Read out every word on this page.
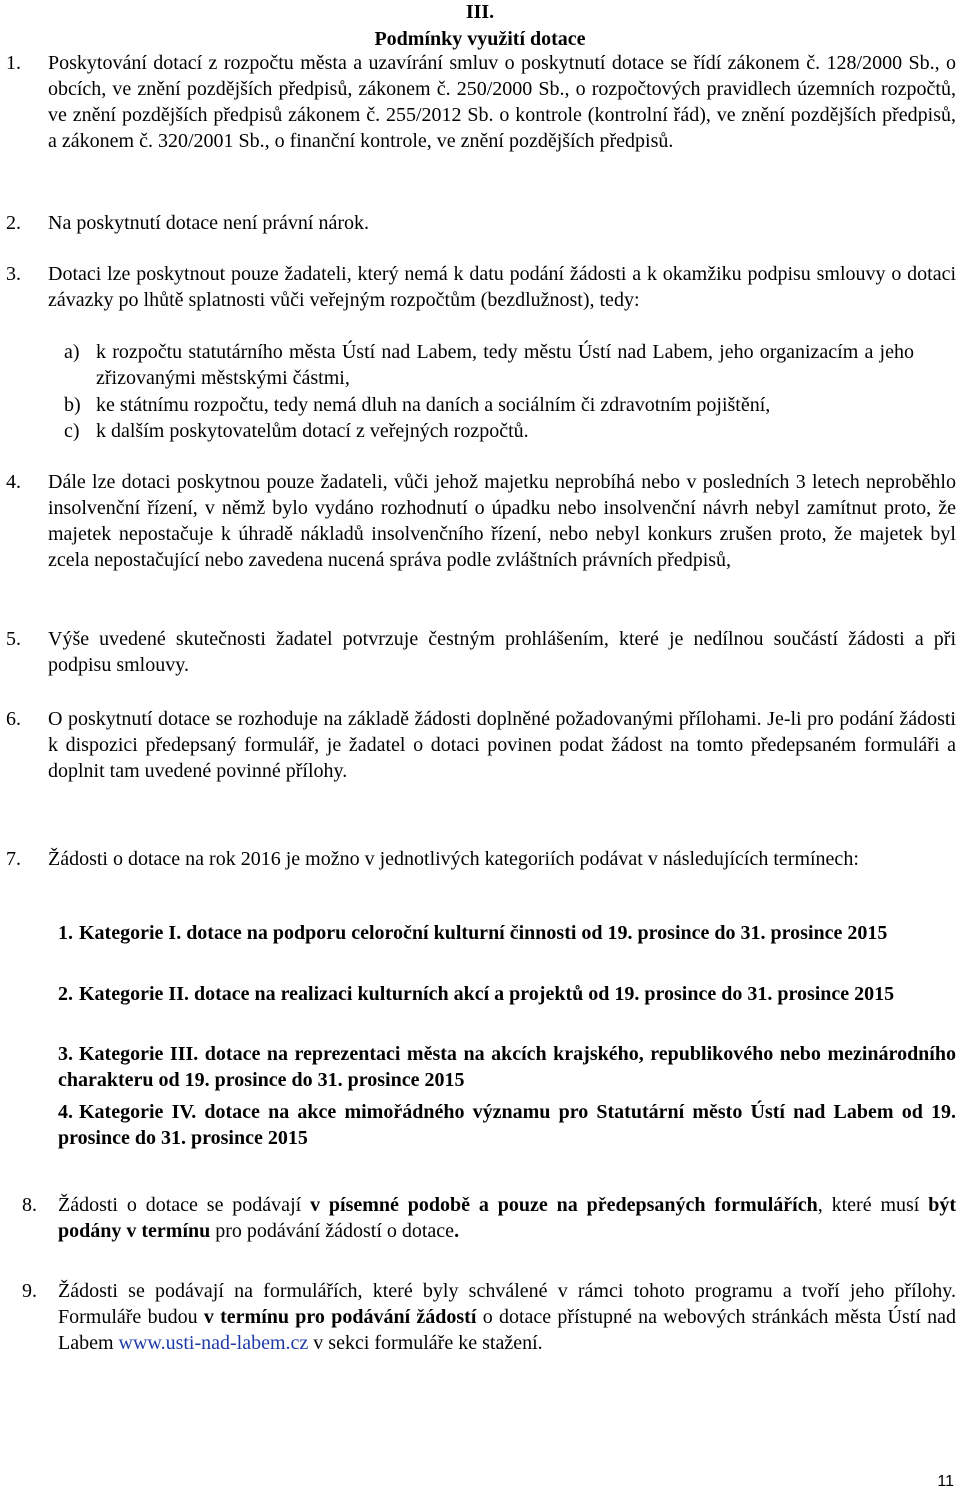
III.
Podmínky využití dotace
1. Poskytování dotací z rozpočtu města a uzavírání smluv o poskytnutí dotace se řídí zákonem č. 128/2000 Sb., o obcích, ve znění pozdějších předpisů, zákonem č. 250/2000 Sb., o rozpočtových pravidlech územních rozpočtů, ve znění pozdějších předpisů zákonem č. 255/2012 Sb. o kontrole (kontrolní řád), ve znění pozdějších předpisů, a zákonem č. 320/2001 Sb., o finanční kontrole, ve znění pozdějších předpisů.
2. Na poskytnutí dotace není právní nárok.
3. Dotaci lze poskytnout pouze žadateli, který nemá k datu podání žádosti a k okamžiku podpisu smlouvy o dotaci závazky po lhůtě splatnosti vůči veřejným rozpočtům (bezdlužnost), tedy:
a) k rozpočtu statutárního města Ústí nad Labem, tedy městu Ústí nad Labem, jeho organizacím a jeho zřizovanými městskými částmi,
b) ke státnímu rozpočtu, tedy nemá dluh na daních a sociálním či zdravotním pojištění,
c) k dalším poskytovatelům dotací z veřejných rozpočtů.
4. Dále lze dotaci poskytnou pouze žadateli, vůči jehož majetku neprobíhá nebo v posledních 3 letech neproběhlo insolvenční řízení, v němž bylo vydáno rozhodnutí o úpadku nebo insolvenční návrh nebyl zamítnut proto, že majetek nepostačuje k úhradě nákladů insolvenčního řízení, nebo nebyl konkurs zrušen proto, že majetek byl zcela nepostačující nebo zavedena nucená správa podle zvláštních právních předpisů,
5. Výše uvedené skutečnosti žadatel potvrzuje čestným prohlášením, které je nedílnou součástí žádosti a při podpisu smlouvy.
6. O poskytnutí dotace se rozhoduje na základě žádosti doplněné požadovanými přílohami. Je-li pro podání žádosti k dispozici předepsaný formulář, je žadatel o dotaci povinen podat žádost na tomto předepsaném formuláři a doplnit tam uvedené povinné přílohy.
7. Žádosti o dotace na rok 2016 je možno v jednotlivých kategoriích podávat v následujících termínech:
1. Kategorie I. dotace na podporu celoroční kulturní činnosti od 19. prosince do 31. prosince 2015
2. Kategorie II. dotace na realizaci kulturních akcí a projektů od 19. prosince do 31. prosince 2015
3. Kategorie III. dotace na reprezentaci města na akcích krajského, republikového nebo mezinárodního charakteru od 19. prosince do 31. prosince 2015
4. Kategorie IV. dotace na akce mimořádného významu pro Statutární město Ústí nad Labem od 19. prosince do 31. prosince 2015
8. Žádosti o dotace se podávají v písemné podobě a pouze na předepsaných formulářích, které musí být podány v termínu pro podávání žádostí o dotace.
9. Žádosti se podávají na formulářích, které byly schválené v rámci tohoto programu a tvoří jeho přílohy. Formuláře budou v termínu pro podávání žádostí o dotace přístupné na webových stránkách města Ústí nad Labem www.usti-nad-labem.cz v sekci formuláře ke stažení.
11
